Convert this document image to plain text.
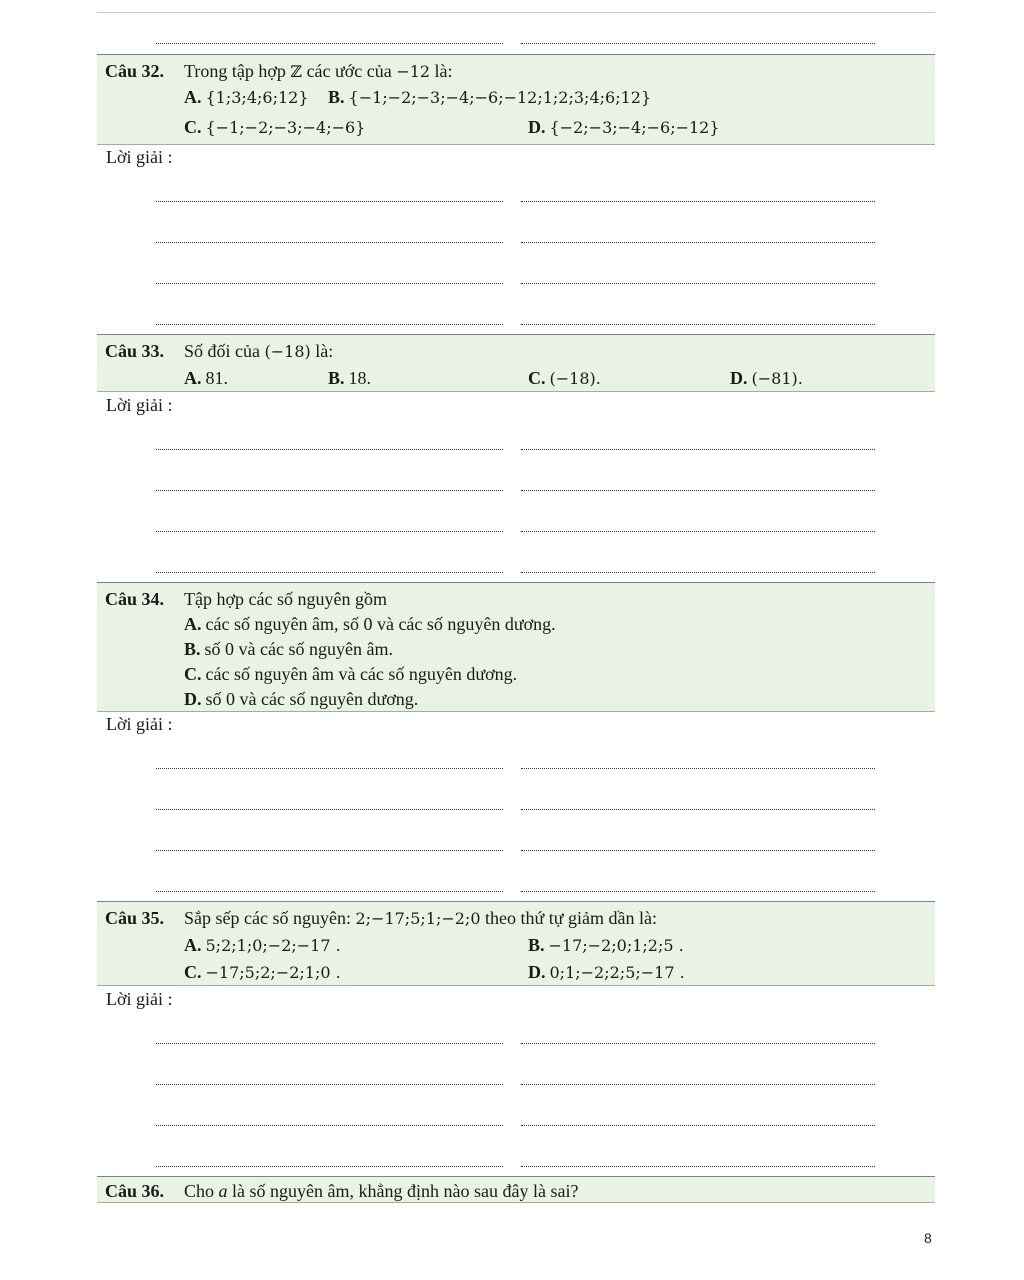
Câu 32. Trong tập hợp ℤ các ước của −12 là:
A. {1;3;4;6;12} B. {−1;−2;−3;−4;−6;−12;1;2;3;4;6;12}
C. {−1;−2;−3;−4;−6}	D. {−2;−3;−4;−6;−12}
Lời giải :
Câu 33. Số đối của (−18) là:
A. 81.	B. 18.	C. (−18).	D. (−81).
Lời giải :
Câu 34. Tập hợp các số nguyên gồm
A. các số nguyên âm, số 0 và các số nguyên dương.
B. số 0 và các số nguyên âm.
C. các số nguyên âm và các số nguyên dương.
D. số 0 và các số nguyên dương.
Lời giải :
Câu 35. Sắp sếp các số nguyên: 2;−17;5;1;−2;0 theo thứ tự giảm dần là:
A. 5;2;1;0;−2;−17 .	B. −17;−2;0;1;2;5 .
C. −17;5;2;−2;1;0 .	D. 0;1;−2;2;5;−17 .
Lời giải :
Câu 36. Cho a là số nguyên âm, khẳng định nào sau đây là sai?
8
